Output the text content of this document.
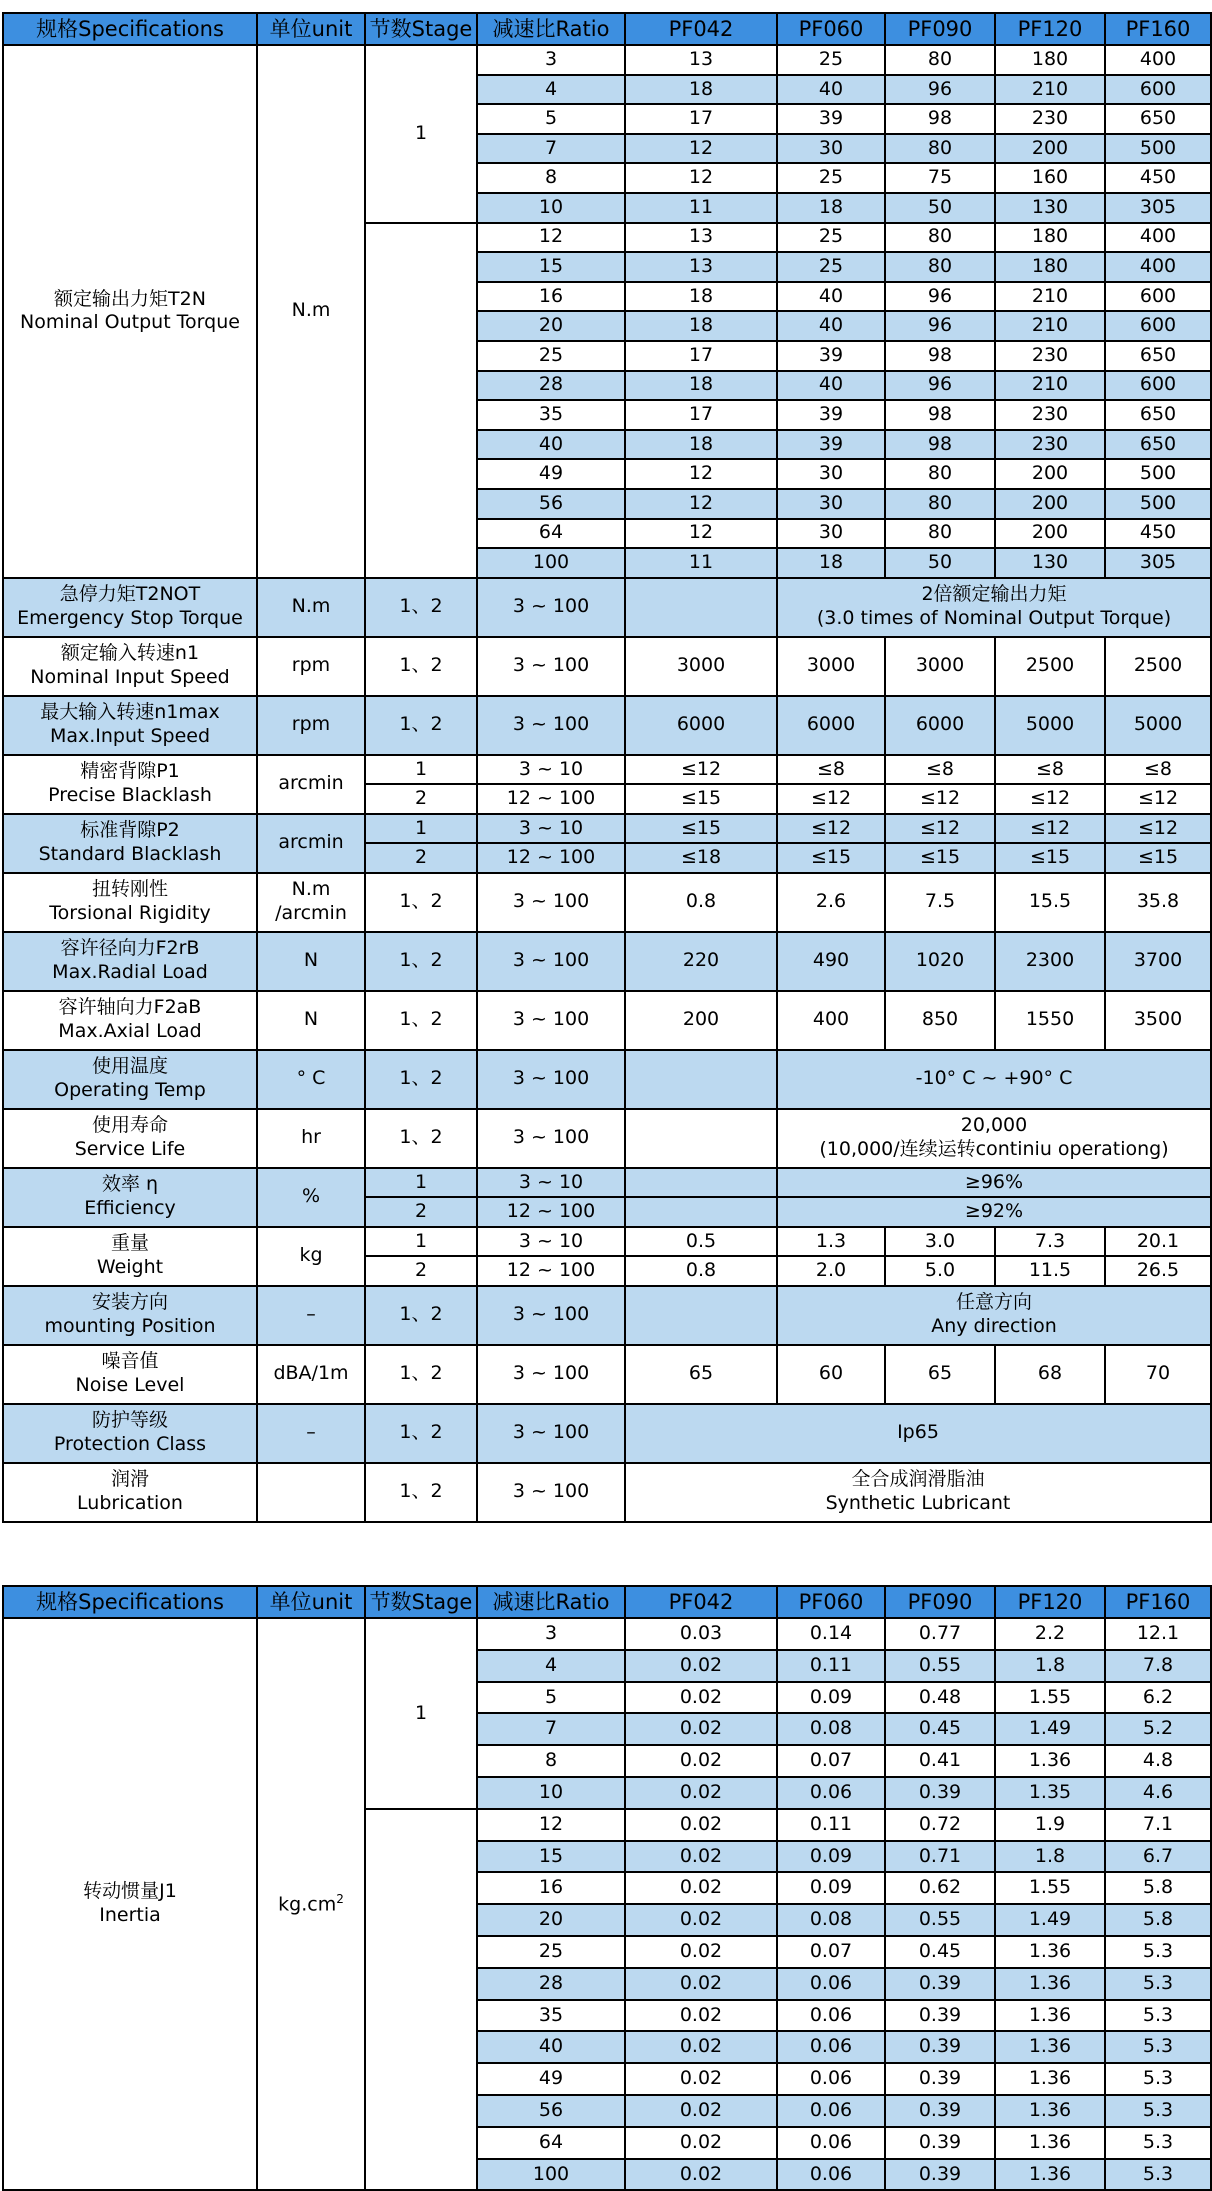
规格Specifications	单位unit	节数Stage	减速比Ratio	PF042	PF060	PF090	PF120	PF160
额定输出力矩T2N
Nominal Output Torque	N.m	1	3	13	25	80	180	400
			4	18	40	96	210	600
			5	17	39	98	230	650
			7	12	30	80	200	500
			8	12	25	75	160	450
			10	11	18	50	130	305
			12	13	25	80	180	400
			15	13	25	80	180	400
			16	18	40	96	210	600
			20	18	40	96	210	600
			25	17	39	98	230	650
			28	18	40	96	210	600
			35	17	39	98	230	650
			40	18	39	98	230	650
			49	12	30	80	200	500
			56	12	30	80	200	500
			64	12	30	80	200	450
			100	11	18	50	130	305
急停力矩T2NOT
Emergency Stop Torque	N.m	1、2	3 ~ 100		2倍额定输出力矩
(3.0 times of Nominal Output Torque)			
额定输入转速n1
Nominal Input Speed	rpm	1、2	3 ~ 100	3000	3000	3000	2500	2500
最大输入转速n1max
Max.Input Speed	rpm	1、2	3 ~ 100	6000	6000	6000	5000	5000
精密背隙P1
Precise Blacklash	arcmin	1	3 ~ 10	≤12	≤8	≤8	≤8	≤8
		2	12 ~ 100	≤15	≤12	≤12	≤12	≤12
标准背隙P2
Standard Blacklash	arcmin	1	3 ~ 10	≤15	≤12	≤12	≤12	≤12
		2	12 ~ 100	≤18	≤15	≤15	≤15	≤15
扭转刚性
Torsional Rigidity	N.m
/arcmin	1、2	3 ~ 100	0.8	2.6	7.5	15.5	35.8
容许径向力F2rB
Max.Radial Load	N	1、2	3 ~ 100	220	490	1020	2300	3700
容许轴向力F2aB
Max.Axial Load	N	1、2	3 ~ 100	200	400	850	1550	3500
使用温度
Operating Temp	° C	1、2	3 ~ 100		-10° C ~ +90° C			
使用寿命
Service Life	hr	1、2	3 ~ 100		20,000
(10,000/连续运转continiu operationg)			
效率 η
Efficiency	%	1	3 ~ 10		≥96%			
		2	12 ~ 100		≥92%			
重量
Weight	kg	1	3 ~ 10	0.5	1.3	3.0	7.3	20.1
		2	12 ~ 100	0.8	2.0	5.0	11.5	26.5
安装方向
mounting Position	–	1、2	3 ~ 100		任意方向
Any direction			
噪音值
Noise Level	dBA/1m	1、2	3 ~ 100	65	60	65	68	70
防护等级
Protection Class	–	1、2	3 ~ 100	Ip65				
润滑
Lubrication		1、2	3 ~ 100	全合成润滑脂油
Synthetic Lubricant				
规格Specifications	单位unit	节数Stage	减速比Ratio	PF042	PF060	PF090	PF120	PF160
转动惯量J1
Inertia	$kg.cm^2$	1	3	0.03	0.14	0.77	2.2	12.1
			4	0.02	0.11	0.55	1.8	7.8
			5	0.02	0.09	0.48	1.55	6.2
			7	0.02	0.08	0.45	1.49	5.2
			8	0.02	0.07	0.41	1.36	4.8
			10	0.02	0.06	0.39	1.35	4.6
			12	0.02	0.11	0.72	1.9	7.1
			15	0.02	0.09	0.71	1.8	6.7
			16	0.02	0.09	0.62	1.55	5.8
			20	0.02	0.08	0.55	1.49	5.8
			25	0.02	0.07	0.45	1.36	5.3
			28	0.02	0.06	0.39	1.36	5.3
			35	0.02	0.06	0.39	1.36	5.3
			40	0.02	0.06	0.39	1.36	5.3
			49	0.02	0.06	0.39	1.36	5.3
			56	0.02	0.06	0.39	1.36	5.3
			64	0.02	0.06	0.39	1.36	5.3
			100	0.02	0.06	0.39	1.36	5.3
